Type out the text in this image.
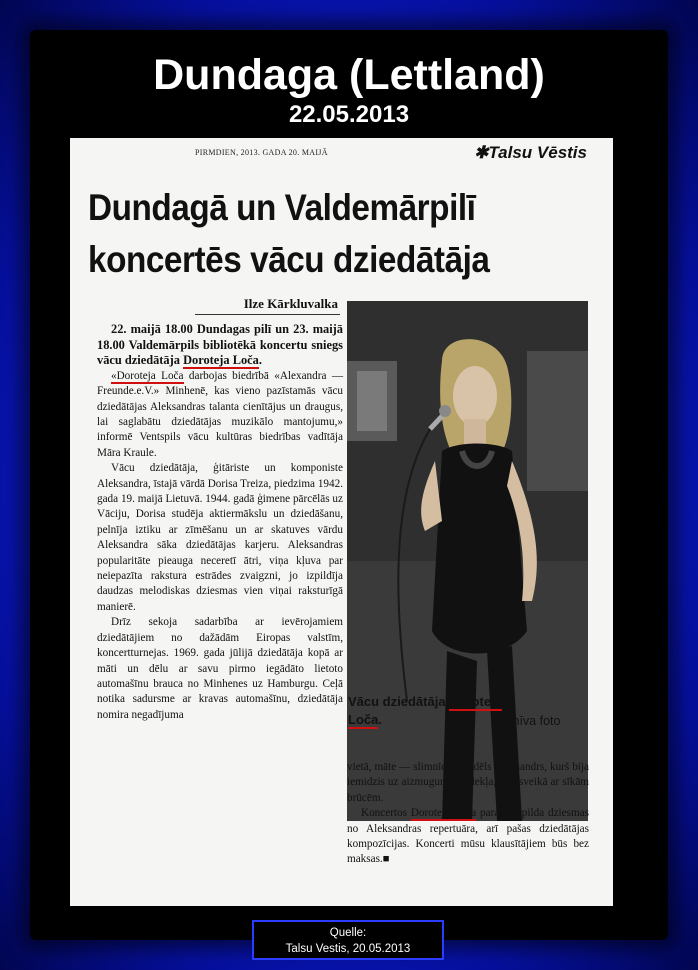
Dundaga (Lettland)
22.05.2013
PIRMDIEN, 2013. GADA 20. MAIJĀ	✱Talsu Vēstis
Dundagā un Valdemārpilī
koncertēs vācu dziedātāja
Ilze Kārkluvalka

22. maijā 18.00 Dundagas pilī un 23. maijā 18.00 Valdemārpils bibliotēkā koncertu sniegs vācu dziedātāja Doroteja Loča.

«Doroteja Loča darbojas biedrībā «Alexandra — Freunde.e.V.» Minhenē, kas vieno pazīstamās vācu dziedātājas Aleksandras talanta cienītājus un draugus, lai saglabātu dziedātājas muzikālo mantojumu,» informē Ventspils vācu kultūras biedrības vadītāja Māra Kraule.

Vācu dziedātāja, ģitāriste un komponiste Aleksandra, īstajā vārdā Dorisa Treiza, piedzima 1942. gada 19. maijā Lietuvā. 1944. gadā ģimene pārcēlās uz Vāciju, Dorisa studēja aktiermākslu un dziedāšanu, pelnīja iztiku ar zīmēšanu un ar skatuves vārdu Aleksandra sāka dziedātājas karjeru. Aleksandras popularitāte pieauga neceretī ātri, viņa kļuva par neiepazīta rakstura estrādes zvaigzni, jo izpildīja daudzas melodiskas dziesmas vien viņai raksturīgā manierē.

Drīz sekoja sadarbība ar ievērojamiem dziedātājiem no dažādām Eiropas valstīm, koncertturnejas. 1969. gada jūlijā dziedātāja kopā ar māti un dēlu ar savu pirmo iegādāto lietoto automašīnu brauca no Minhenes uz Hamburgu. Ceļā notika sadursme ar kravas automašīnu, dziedātāja nomira negadījuma

Vācu dziedātāja Doroteja
Loča.	Arhīva foto

vietā, māte — slimnīcā, bet dēls Aleksandrs, kurš bija iemidzis uz aizmugurējā sēdekļa, tika sveikā ar sīkām brūcēm.

Koncertos Doroteja Loča parasti izpilda dziesmas no Aleksandras repertuāra, arī pašas dziedātājas kompozīcijas. Koncerti mūsu klausītājiem būs bez maksas.■

Quelle:
Talsu Vestis, 20.05.2013
